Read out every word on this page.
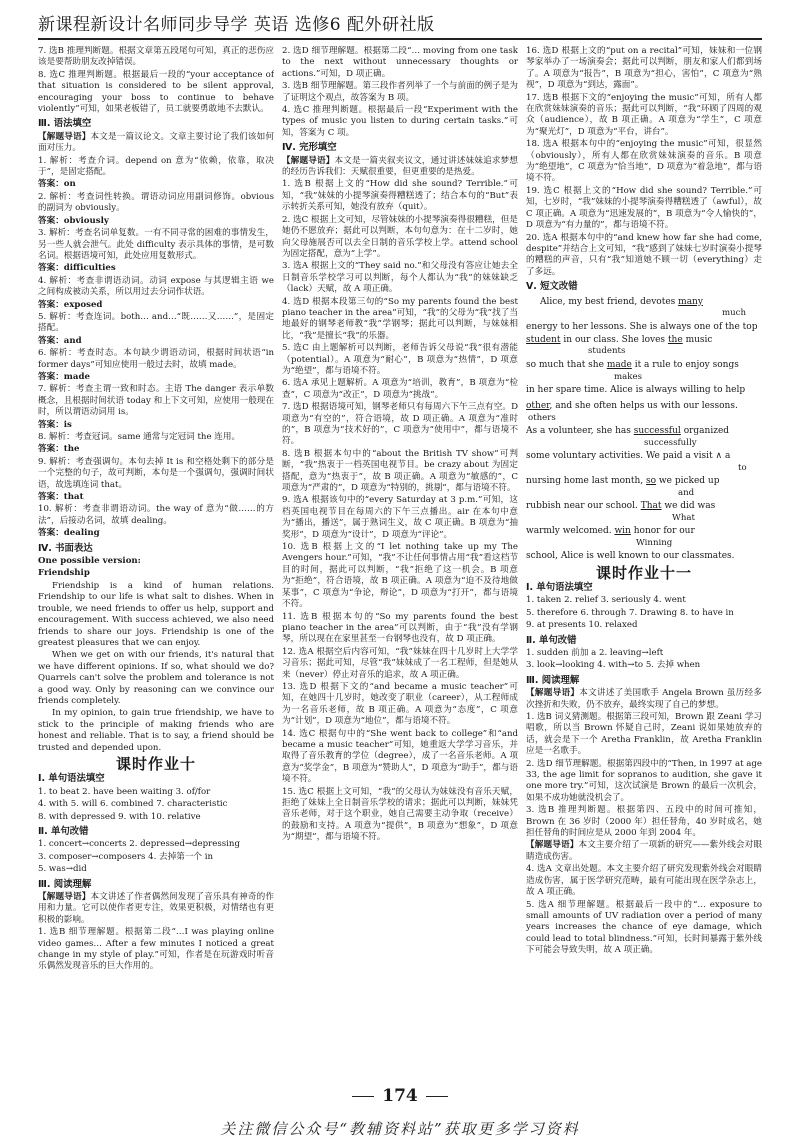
新课程新设计名师同步导学 英语 选修6 配外研社版

7. 选B 推理判断题。根据文章第五段尾句可知，真正的悲伤应该是要帮助朋友改掉错误。

8. 选C 推理判断题。根据最后一段的“your acceptance of that situation is considered to be silent approval, encouraging your boss to continue to behave violently”可知，如果老板错了，员工就要勇敢地不去默认。

Ⅲ. 语法填空

【解题导语】本文是一篇议论文。文章主要讨论了我们该如何面对压力。

1. 解析：考查介词。depend on 意为“依赖，依靠，取决于”，是固定搭配。

答案：on

2. 解析：考查词性转换。谓语动词应用副词修饰。obvious 的副词为 obviously。

答案：obviously

3. 解析：考查名词单复数。一有不同寻常的困难的事情发生，另一些人就会泄气。此处 difficulty 表示具体的事情，是可数名词。根据语境可知，此处应用复数形式。

答案：difficulties

4. 解析：考查非谓语动词。动词 expose 与其逻辑主语 we 之间构成被动关系，所以用过去分词作状语。

答案：exposed

5. 解析：考查连词。both… and…“既……又……”，是固定搭配。

答案：and

6. 解析：考查时态。本句缺少谓语动词，根据时间状语“in former days”可知应使用一般过去时，故填 made。

答案：made

7. 解析：考查主谓一致和时态。主语 The danger 表示单数概念，且根据时间状语 today 和上下文可知，应使用一般现在时，所以谓语动词用 is。

答案：is

8. 解析：考查冠词。same 通常与定冠词 the 连用。

答案：the

9. 解析：考查强调句。本句去掉 It is 和空格处剩下的部分是一个完整的句子，故可判断，本句是一个强调句，强调时间状语，故选填连词 that。

答案：that

10. 解析：考查非谓语动词。the way of 意为“做……的方法”，后接动名词，故填 dealing。

答案：dealing

Ⅳ. 书面表达

One possible version:

Friendship

Friendship is a kind of human relations. Friendship to our life is what salt to dishes. When in trouble, we need friends to offer us help, support and encouragement. With success achieved, we also need friends to share our joys. Friendship is one of the greatest pleasures that we can enjoy.

When we get on with our friends, it's natural that we have different opinions. If so, what should we do? Quarrels can't solve the problem and tolerance is not a good way. Only by reasoning can we convince our friends completely.

In my opinion, to gain true friendship, we have to stick to the principle of making friends who are honest and reliable. That is to say, a friend should be trusted and depended upon.

课时作业十
Ⅰ. 单句语法填空

1. to beat 2. have been waiting 3. of/for

4. with 5. will 6. combined 7. characteristic

8. with depressed 9. with 10. relative

Ⅱ. 单句改错

1. concert→concerts 2. depressed→depressing

3. composer→composers 4. 去掉第一个 in

5. was→did

Ⅲ. 阅读理解

【解题导语】本文讲述了作者偶然间发现了音乐具有神奇的作用和力量。它可以使作者更专注，效果更积极，对情绪也有更积极的影响。

1. 选B 细节理解题。根据第二段“…I was playing online video games… After a few minutes I noticed a great change in my style of play.”可知，作者是在玩游戏时听音乐偶然发现音乐的巨大作用的。

2. 选D 细节理解题。根据第二段“… moving from one task to the next without unnecessary thoughts or actions.”可知，D 项正确。

3. 选B 细节理解题。第三段作者列举了一个与前面的例子是为了证明这个观点，故答案为 B 项。

4. 选C 推理判断题。根据最后一段“Experiment with the types of music you listen to during certain tasks.”可知，答案为 C 项。

Ⅳ. 完形填空

【解题导语】本文是一篇夹叙夹议文，通过讲述妹妹追求梦想的经历告诉我们：天赋很重要，但更重要的是热爱。

1. 选B 根据上文的“How did she sound? Terrible.”可知，“我”妹妹的小提琴演奏得糟糕透了；结合本句的“But”表示转折关系可知，她没有放弃（quit）。

2. 选C 根据上文可知，尽管妹妹的小提琴演奏得很糟糕，但是她仍不愿放弃；据此可以判断，本句句意为：在十二岁时，她向父母施展否可以去全日制的音乐学校上学。attend school 为固定搭配，意为“上学”。

3. 选A 根据上文的“They said no.”和父母没有答应让她去全日制音乐学校学习可以判断，每个人都认为“我”的妹妹缺乏（lack）天赋，故 A 项正确。

4. 选D 根据本段第三句的“So my parents found the best piano teacher in the area”可知，“我”的父母为“我”找了当地最好的钢琴老师教“我”学钢琴；据此可以判断，与妹妹相比，“我”是擅长“我”的乐器。

5. 选C 由上题解析可以判断，老师告诉父母说“我”很有潜能（potential）。A 项意为“耐心”，B 项意为“热情”，D 项意为“绝望”，都与语境不符。

6. 选A 承见上题解析。A 项意为“培训，教育”，B 项意为“检查”，C 项意为“改正”，D 项意为“挑战”。

7. 选D 根据语境可知，钢琴老师只有每周六下午三点有空。D 项意为“有空的”，符合语境，故 D 项正确。A 项意为“准时的”，B 项意为“技术好的”，C 项意为“使用中”，都与语境不符。

8. 选B 根据本句中的“about the British TV show”可判断，“我”热衷于一档英国电视节目。be crazy about 为固定搭配，意为“热衷于”，故 B 项正确。A 项意为“敏感的”，C 项意为“严肃的”，D 项意为“特别的，挑剔”，都与语境不符。

9. 选A 根据该句中的“every Saturday at 3 p.m.”可知，这档英国电视节目在每周六的下午三点播出。air 在本句中意为“播出，播送”，属于熟词生义，故 C 项正确。B 项意为“抽奖形”，D 项意为“设计”，D 项意为“评论”。

10. 选B 根据上文的“I let nothing take up my The Avengers hour.”可知，“我”不让任何事情占用“我”看这档节目的时间，据此可以判断，“我”拒绝了这一机会。B 项意为“拒绝”，符合语境，故 B 项正确。A 项意为“迫不及待地做某事”，C 项意为“争论，辩论”，D 项意为“打开”，都与语境不符。

11. 选B 根据本句的“So my parents found the best piano teacher in the area”可以判断，由于“我”没有学钢琴，所以现在在家里甚至一台钢琴也没有，故 D 项正确。

12. 选A 根据空后内容可知，“我”妹妹在四十几岁时上大学学习音乐；据此可知，尽管“我”妹妹成了一名工程师，但是她从来（never）停止对音乐的追求，故 A 项正确。

13. 选D 根据下文的“and became a music teacher”可知，在她四十几岁时，她改变了职业（career），从工程师成为一名音乐老师，故 B 项正确。A 项意为“态度”，C 项意为“计划”，D 项意为“地位”，都与语境不符。

14. 选C 根据句中的“She went back to college”和“and became a music teacher”可知，她重返大学学习音乐，并取得了音乐教育的学位（degree），成了一名音乐老师。A 项意为“奖学金”，B 项意为“赞助人”，D 项意为“助手”，都与语境不符。

15. 选C 根据上文可知，“我”的父母认为妹妹没有音乐天赋，拒绝了妹妹上全日制音乐学校的请求；据此可以判断，妹妹凭音乐老师，对于这个职业，她自己需要主动争取（receive）的鼓励和支持。A 项意为“提供”，B 项意为“想象”，D 项意为“期望”，都与语境不符。

16. 选D 根据上文的“put on a recital”可知，妹妹和一位钢琴家举办了一场演奏会；据此可以判断，朋友和家人们都到场了。A 项意为“报告”，B 项意为“担心，害怕”，C 项意为“熟视”，D 项意为“到达，露面”。

17. 选B 根据下文的“enjoying the music”可知，所有人都在欣赏妹妹演奏的音乐；据此可以判断，“我”环顾了四周的观众（audience），故 B 项正确。A 项意为“学生”，C 项意为“聚光灯”，D 项意为“平台，讲台”。

18. 选A 根据本句中的“enjoying the music”可知，很显然（obviously），所有人都在欣赏妹妹演奏的音乐。B 项意为“绝望地”，C 项意为“恰当地”，D 项意为“着急地”，都与语境不符。

19. 选C 根据上文的“How did she sound? Terrible.”可知，七岁时，“我”妹妹的小提琴演奏得糟糕透了（awful），故 C 项正确。A 项意为“迅速发展的”，B 项意为“令人愉快的”，D 项意为“有力量的”，都与语境不符。

20. 选A 根据本句中的“and knew how far she had come, despite”并结合上文可知，“我”感到了妹妹七岁时演奏小提琴的糟糕的声音，只有“我”知道她不顾一切（everything）走了多远。

Ⅴ. 短文改错
Alice, my best friend, devotes many
much
energy to her lessons. She is always one of the top student in our class. She loves the music
students
so much that she made it a rule to enjoy songs
makes
in her spare time. Alice is always willing to help
other, and she often helps us with our lessons.
others
As a volunteer, she has successful organized
successfully
some voluntary activities. We paid a visit ∧ a
to
nursing home last month, so we picked up
and
rubbish near our school. That we did was
What
warmly welcomed. win honor for our
Winning
school, Alice is well known to our classmates.
课时作业十一
Ⅰ. 单句语法填空

1. taken 2. relief 3. seriously 4. went

5. therefore 6. through 7. Drawing 8. to have in

9. at presents 10. relaxed

Ⅱ. 单句改错

1. sudden 前加 a 2. leaving→left

3. look→looking 4. with→to 5. 去掉 when

Ⅲ. 阅读理解

【解题导语】本文讲述了美国歌手 Angela Brown 虽历经多次挫折和失败，仍不放弃，最终实现了自己的梦想。

1. 选B 词义猜测题。根据第三段可知，Brown 跟 Zeani 学习唱歌，所以当 Brown 怀疑自己时，Zeani 说如果她放弃的话，就会是下一个 Aretha Franklin，故 Aretha Franklin 应是一名歌手。

2. 选D 细节理解题。根据第四段中的“Then, in 1997 at age 33, the age limit for sopranos to audition, she gave it one more try.”可知，这次试演是 Brown 的最后一次机会，如果不成功她就没机会了。

3. 选B 推理判断题。根据第四、五段中的时间可推知，Brown 在 36 岁时（2000 年）担任替角，40 岁时成名，她担任替角的时间应是从 2000 年到 2004 年。

【解题导语】本文主要介绍了一项新的研究——紫外线会对眼睛造成伤害。

4. 选A 文章出处题。本文主要介绍了研究发现紫外线会对眼睛造成伤害，属于医学研究范畴，最有可能出现在医学杂志上，故 A 项正确。

5. 选A 细节理解题。根据最后一段中的“… exposure to small amounts of UV radiation over a period of many years increases the chance of eye damage, which could lead to total blindness.”可知，长时间暴露于紫外线下可能会导致失明，故 A 项正确。

174
关注微信公众号“教辅资料站”获取更多学习资料
